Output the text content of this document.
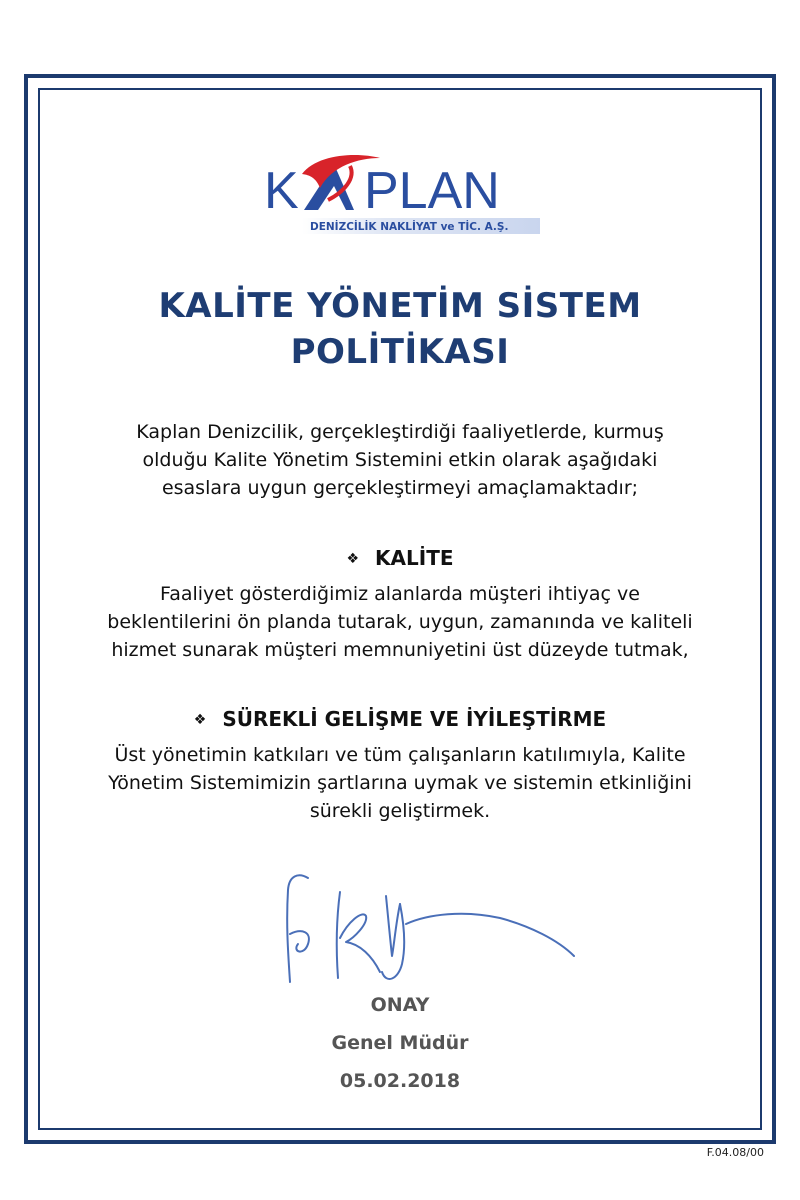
K PLAN
DENİZCİLİK NAKLİYAT ve TİC. A.Ş.
KALİTE YÖNETİM SİSTEM
POLİTİKASI
Kaplan Denizcilik, gerçekleştirdiği faaliyetlerde, kurmuş
olduğu Kalite Yönetim Sistemini etkin olarak aşağıdaki
esaslara uygun gerçekleştirmeyi amaçlamaktadır;
❖ KALİTE
Faaliyet gösterdiğimiz alanlarda müşteri ihtiyaç ve
beklentilerini ön planda tutarak, uygun, zamanında ve kaliteli
hizmet sunarak müşteri memnuniyetini üst düzeyde tutmak,
❖ SÜREKLİ GELİŞME VE İYİLEŞTİRME
Üst yönetimin katkıları ve tüm çalışanların katılımıyla, Kalite
Yönetim Sistemimizin şartlarına uymak ve sistemin etkinliğini
sürekli geliştirmek.
ONAY
Genel Müdür
05.02.2018
F.04.08/00
